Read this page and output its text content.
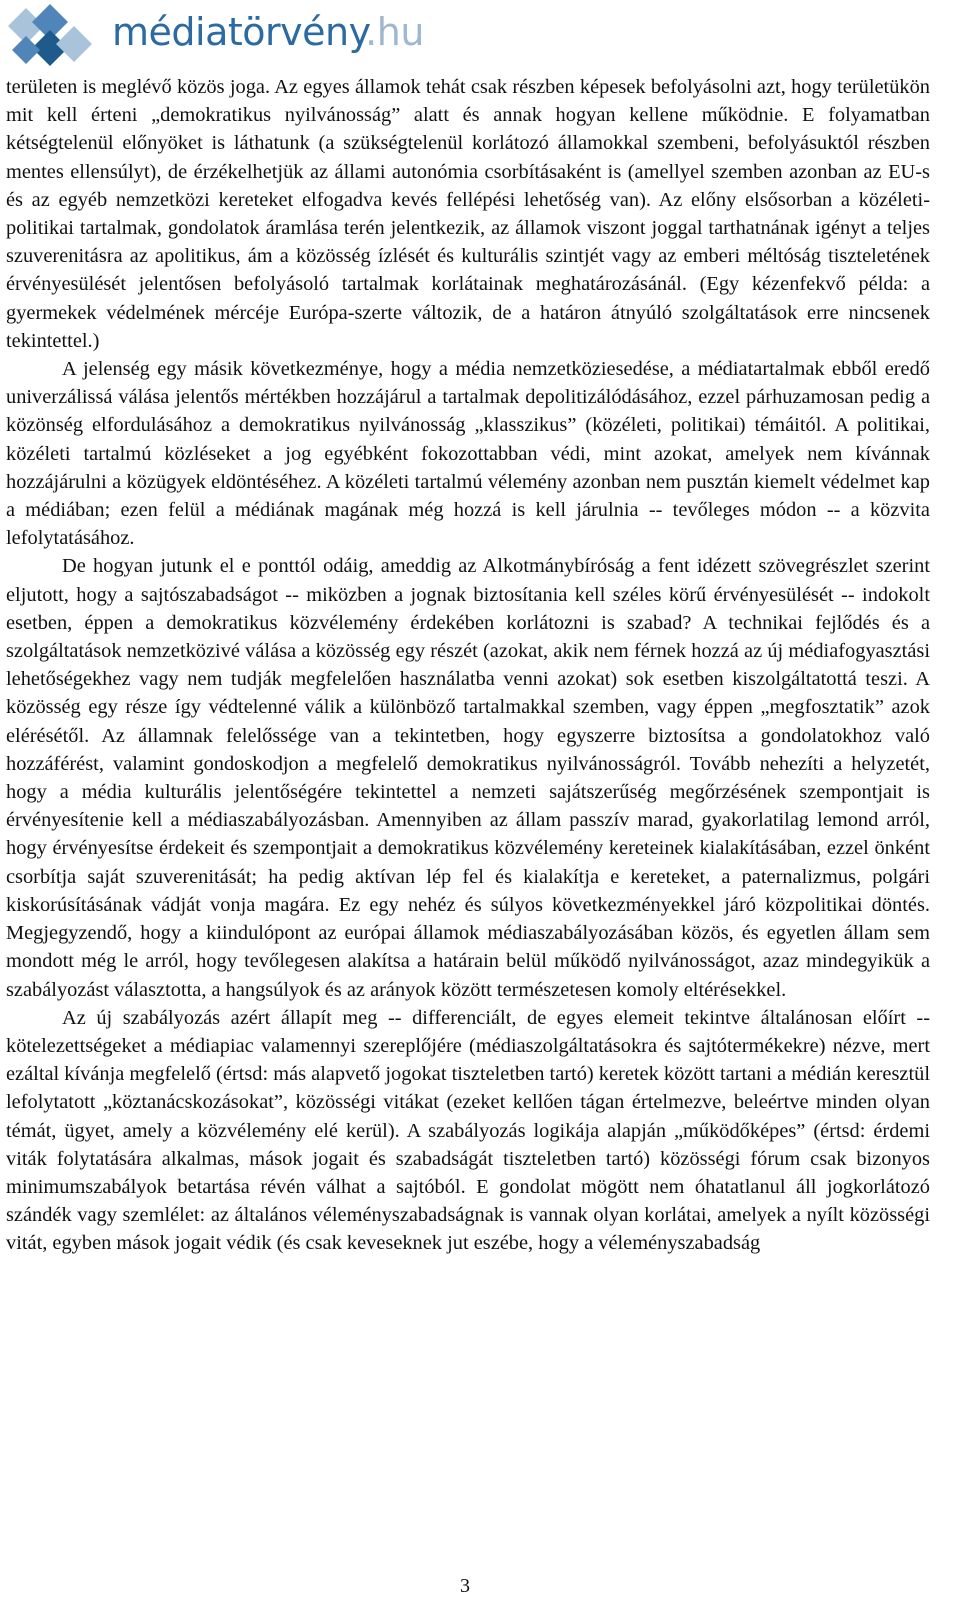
médiatörvény.hu

területen is meglévő közös joga. Az egyes államok tehát csak részben képesek befolyásolni azt, hogy területükön mit kell érteni „demokratikus nyilvánosság” alatt és annak hogyan kellene működnie. E folyamatban kétségtelenül előnyöket is láthatunk (a szükségtelenül korlátozó államokkal szembeni, befolyásuktól részben mentes ellensúlyt), de érzékelhetjük az állami autonómia csorbításaként is (amellyel szemben azonban az EU-s és az egyéb nemzetközi kereteket elfogadva kevés fellépési lehetőség van). Az előny elsősorban a közéleti-politikai tartalmak, gondolatok áramlása terén jelentkezik, az államok viszont joggal tarthatnának igényt a teljes szuverenitásra az apolitikus, ám a közösség ízlését és kulturális szintjét vagy az emberi méltóság tiszteletének érvényesülését jelentősen befolyásoló tartalmak korlátainak meghatározásánál. (Egy kézenfekvő példa: a gyermekek védelmének mércéje Európa-szerte változik, de a határon átnyúló szolgáltatások erre nincsenek tekintettel.)

A jelenség egy másik következménye, hogy a média nemzetköziesedése, a médiatartalmak ebből eredő univerzálissá válása jelentős mértékben hozzájárul a tartalmak depolitizálódásához, ezzel párhuzamosan pedig a közönség elfordulásához a demokratikus nyilvánosság „klasszikus” (közéleti, politikai) témáitól. A politikai, közéleti tartalmú közléseket a jog egyébként fokozottabban védi, mint azokat, amelyek nem kívánnak hozzájárulni a közügyek eldöntéséhez. A közéleti tartalmú vélemény azonban nem pusztán kiemelt védelmet kap a médiában; ezen felül a médiának magának még hozzá is kell járulnia -- tevőleges módon -- a közvita lefolytatásához.

De hogyan jutunk el e ponttól odáig, ameddig az Alkotmánybíróság a fent idézett szövegrészlet szerint eljutott, hogy a sajtószabadságot -- miközben a jognak biztosítania kell széles körű érvényesülését -- indokolt esetben, éppen a demokratikus közvélemény érdekében korlátozni is szabad? A technikai fejlődés és a szolgáltatások nemzetközivé válása a közösség egy részét (azokat, akik nem férnek hozzá az új médiafogyasztási lehetőségekhez vagy nem tudják megfelelően használatba venni azokat) sok esetben kiszolgáltatottá teszi. A közösség egy része így védtelenné válik a különböző tartalmakkal szemben, vagy éppen „megfosztatik” azok elérésétől. Az államnak felelőssége van a tekintetben, hogy egyszerre biztosítsa a gondolatokhoz való hozzáférést, valamint gondoskodjon a megfelelő demokratikus nyilvánosságról. Tovább nehezíti a helyzetét, hogy a média kulturális jelentőségére tekintettel a nemzeti sajátszerűség megőrzésének szempontjait is érvényesítenie kell a médiaszabályozásban. Amennyiben az állam passzív marad, gyakorlatilag lemond arról, hogy érvényesítse érdekeit és szempontjait a demokratikus közvélemény kereteinek kialakításában, ezzel önként csorbítja saját szuverenitását; ha pedig aktívan lép fel és kialakítja e kereteket, a paternalizmus, polgári kiskorúsításának vádját vonja magára. Ez egy nehéz és súlyos következményekkel járó közpolitikai döntés. Megjegyzendő, hogy a kiindulópont az európai államok médiaszabályozásában közös, és egyetlen állam sem mondott még le arról, hogy tevőlegesen alakítsa a határain belül működő nyilvánosságot, azaz mindegyikük a szabályozást választotta, a hangsúlyok és az arányok között természetesen komoly eltérésekkel.

Az új szabályozás azért állapít meg -- differenciált, de egyes elemeit tekintve általánosan előírt -- kötelezettségeket a médiapiac valamennyi szereplőjére (médiaszolgáltatásokra és sajtótermékekre) nézve, mert ezáltal kívánja megfelelő (értsd: más alapvető jogokat tiszteletben tartó) keretek között tartani a médián keresztül lefolytatott „köztanácskozásokat”, közösségi vitákat (ezeket kellően tágan értelmezve, beleértve minden olyan témát, ügyet, amely a közvélemény elé kerül). A szabályozás logikája alapján „működőképes” (értsd: érdemi viták folytatására alkalmas, mások jogait és szabadságát tiszteletben tartó) közösségi fórum csak bizonyos minimumszabályok betartása révén válhat a sajtóból. E gondolat mögött nem óhatatlanul áll jogkorlátozó szándék vagy szemlélet: az általános véleményszabadságnak is vannak olyan korlátai, amelyek a nyílt közösségi vitát, egyben mások jogait védik (és csak keveseknek jut eszébe, hogy a véleményszabadság

3
